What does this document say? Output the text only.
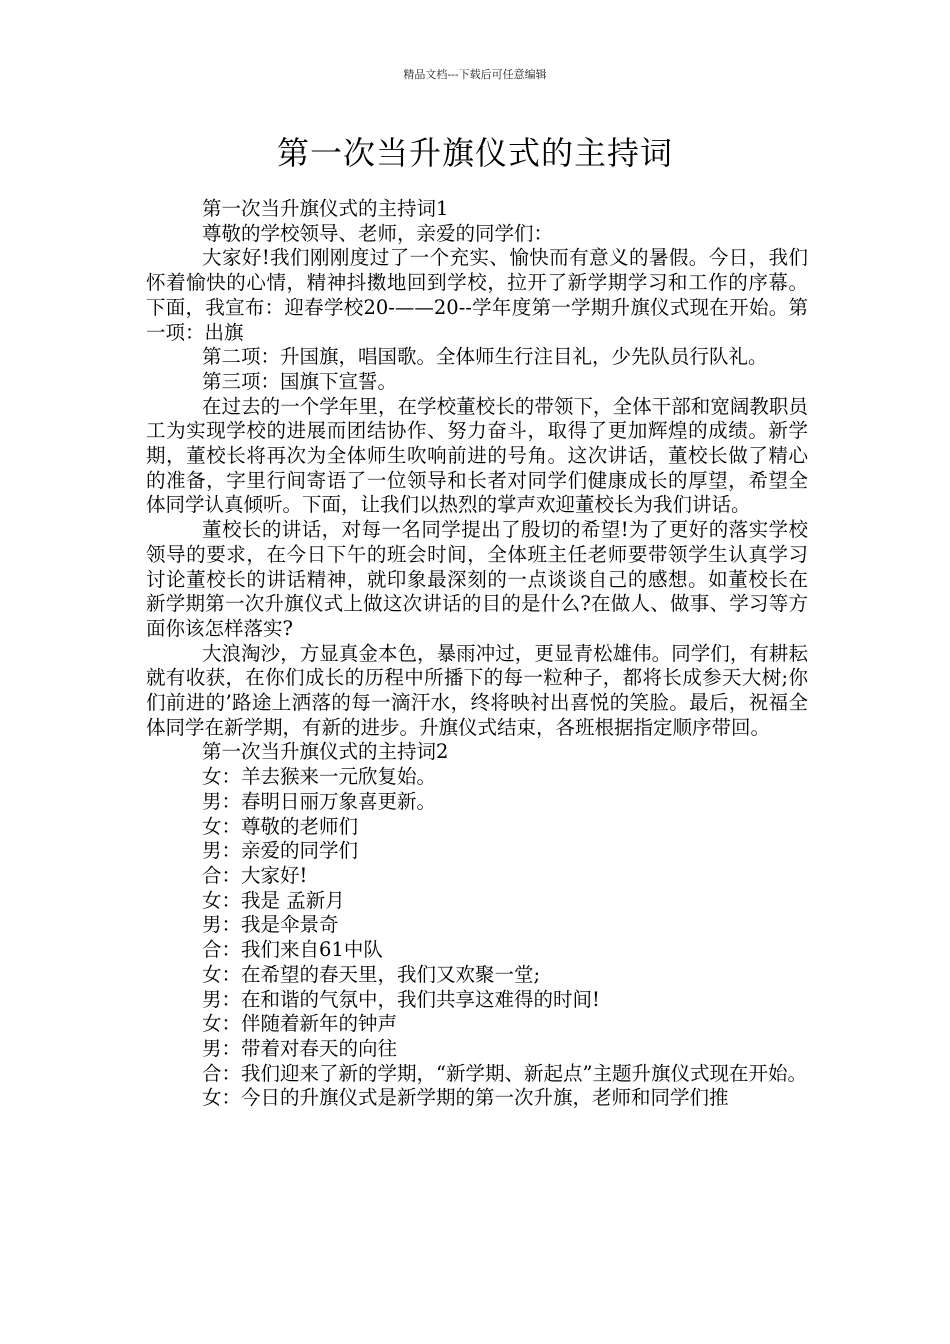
精品文档---下载后可任意编辑
第一次当升旗仪式的主持词

第一次当升旗仪式的主持词1

尊敬的学校领导、老师，亲爱的同学们：

大家好!我们刚刚度过了一个充实、愉快而有意义的暑假。今日，我们怀着愉快的心情，精神抖擞地回到学校，拉开了新学期学习和工作的序幕。下面，我宣布：迎春学校20-——20--学年度第一学期升旗仪式现在开始。第一项：出旗

第二项：升国旗，唱国歌。全体师生行注目礼，少先队员行队礼。

第三项：国旗下宣誓。

在过去的一个学年里，在学校董校长的带领下，全体干部和宽阔教职员工为实现学校的进展而团结协作、努力奋斗，取得了更加辉煌的成绩。新学期，董校长将再次为全体师生吹响前进的号角。这次讲话，董校长做了精心的准备，字里行间寄语了一位领导和长者对同学们健康成长的厚望，希望全体同学认真倾听。下面，让我们以热烈的掌声欢迎董校长为我们讲话。

董校长的讲话，对每一名同学提出了殷切的希望!为了更好的落实学校领导的要求，在今日下午的班会时间，全体班主任老师要带领学生认真学习讨论董校长的讲话精神，就印象最深刻的一点谈谈自己的感想。如董校长在新学期第一次升旗仪式上做这次讲话的目的是什么?在做人、做事、学习等方面你该怎样落实?

大浪淘沙，方显真金本色，暴雨冲过，更显青松雄伟。同学们，有耕耘就有收获，在你们成长的历程中所播下的每一粒种子，都将长成参天大树;你们前进的’路途上洒落的每一滴汗水，终将映衬出喜悦的笑脸。最后，祝福全体同学在新学期，有新的进步。升旗仪式结束，各班根据指定顺序带回。

第一次当升旗仪式的主持词2

女：羊去猴来一元欣复始。

男：春明日丽万象喜更新。

女：尊敬的老师们

男：亲爱的同学们

合：大家好!

女：我是 孟新月

男：我是伞景奇

合：我们来自61中队

女：在希望的春天里，我们又欢聚一堂;

男：在和谐的气氛中，我们共享这难得的时间!

女：伴随着新年的钟声

男：带着对春天的向往

合：我们迎来了新的学期，“新学期、新起点”主题升旗仪式现在开始。

女：今日的升旗仪式是新学期的第一次升旗，老师和同学们推
